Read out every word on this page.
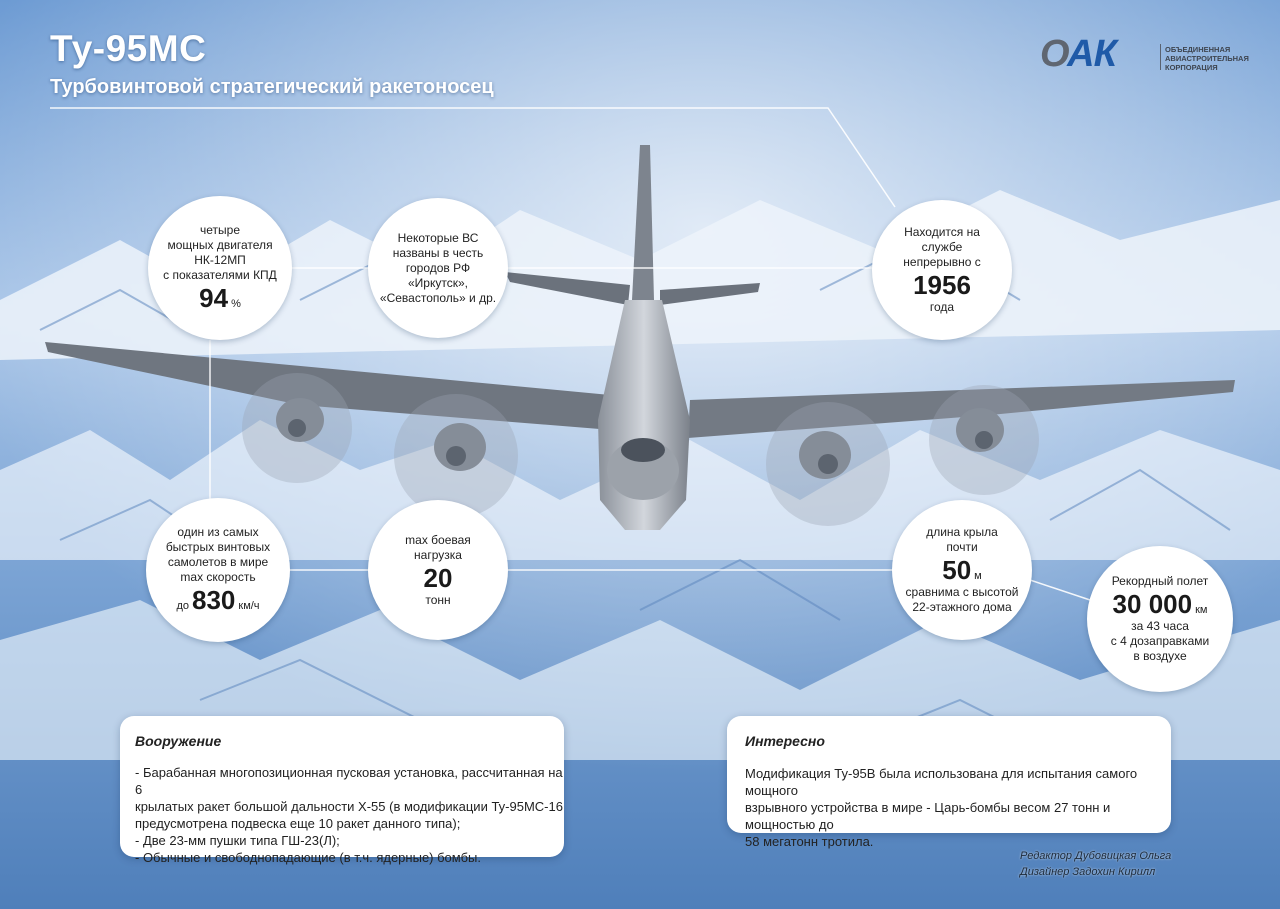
Ту-95МС
Турбовинтовой стратегический ракетоносец
ОАК	ОБЪЕДИНЕННАЯ
АВИАСТРОИТЕЛЬНАЯ
КОРПОРАЦИЯ
четыре
мощных двигателя
НК-12МП
с показателями КПД
94 %
Некоторые ВС
названы в честь
городов РФ
«Иркутск»,
«Севастополь» и др.
Находится на
службе
непрерывно с
1956
года
один из самых
быстрых винтовых
самолетов в мире
max скорость
до 830 км/ч
max боевая
нагрузка
20
тонн
длина крыла
почти
50 м
сравнима с высотой
22-этажного дома
Рекордный полет
30 000 км
за 43 часа
с 4 дозаправками
в воздухе
Вооружение

- Барабанная многопозиционная пусковая установка, рассчитанная на 6

крылатых ракет большой дальности Х-55 (в модификации Ту-95МС-16

предусмотрена подвеска еще 10 ракет данного типа);

- Две 23-мм пушки типа ГШ-23(Л);

- Обычные и свободнопадающие (в т.ч. ядерные) бомбы.

Интересно

Модификация Ту-95В была использована для испытания самого мощного

взрывного устройства в мире - Царь-бомбы весом 27 тонн и мощностью до

58 мегатонн тротила.

Редактор Дубовицкая Ольга
Дизайнер Задохин Кирилл
